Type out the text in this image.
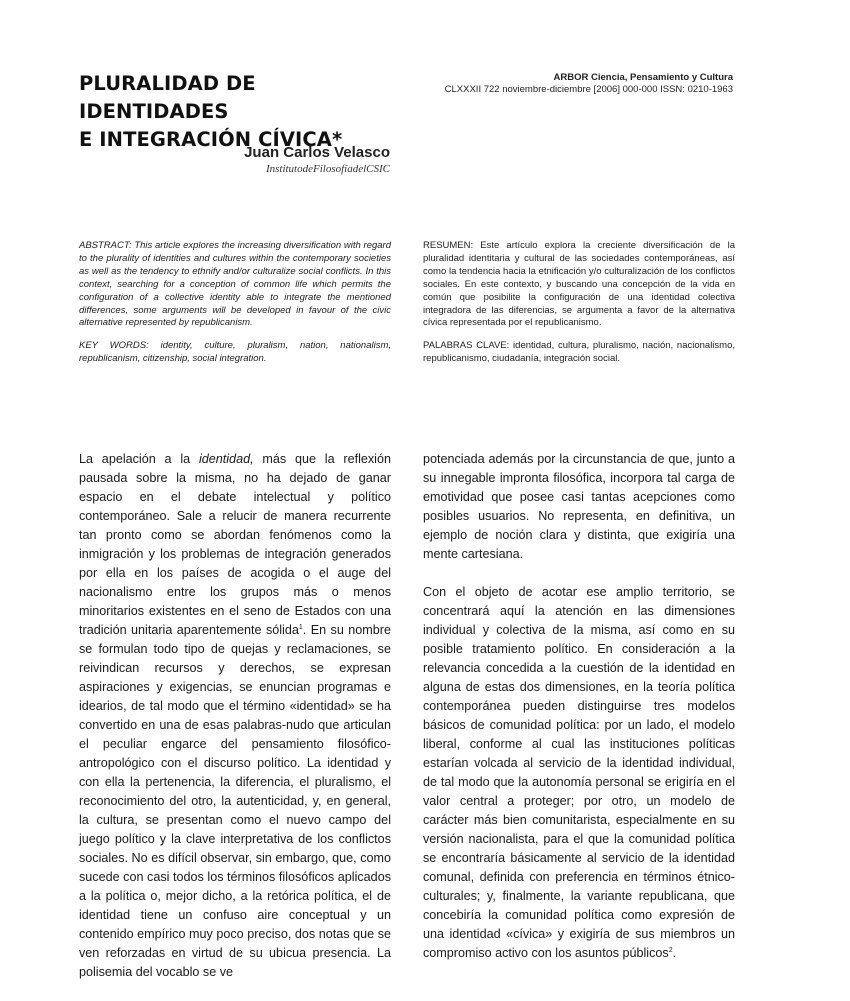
PLURALIDAD DE IDENTIDADES
E INTEGRACIÓN CÍVICA*
ARBOR Ciencia, Pensamiento y Cultura
CLXXXII 722 noviembre-diciembre [2006] 000-000 ISSN: 0210-1963
Juan Carlos Velasco
InstitutodeFilosofíadelCSIC

ABSTRACT: This article explores the increasing diversification with regard to the plurality of identities and cultures within the contemporary societies as well as the tendency to ethnify and/or culturalize social conflicts. In this context, searching for a conception of common life which permits the configuration of a collective identity able to integrate the mentioned differences, some arguments will be developed in favour of the civic alternative represented by republicanism.

KEY WORDS: identity, culture, pluralism, nation, nationalism, republicanism, citizenship, social integration.

RESUMEN: Este artículo explora la creciente diversificación de la pluralidad identitaria y cultural de las sociedades contemporáneas, así como la tendencia hacia la etnificación y/o culturalización de los conflictos sociales. En este contexto, y buscando una concepción de la vida en común que posibilite la configuración de una identidad colectiva integradora de las diferencias, se argumenta a favor de la alternativa cívica representada por el republicanismo.

PALABRAS CLAVE: identidad, cultura, pluralismo, nación, nacionalismo, republicanismo, ciudadanía, integración social.

La apelación a la identidad, más que la reflexión pausada sobre la misma, no ha dejado de ganar espacio en el debate intelectual y político contemporáneo. Sale a relucir de manera recurrente tan pronto como se abordan fenómenos como la inmigración y los problemas de integración generados por ella en los países de acogida o el auge del nacionalismo entre los grupos más o menos minoritarios existentes en el seno de Estados con una tradición unitaria aparentemente sólida$^1$. En su nombre se formulan todo tipo de quejas y reclamaciones, se reivindican recursos y derechos, se expresan aspiraciones y exigencias, se enuncian programas e idearios, de tal modo que el término «identidad» se ha convertido en una de esas palabras-nudo que articulan el peculiar engarce del pensamiento filosófico-antropológico con el discurso político. La identidad y con ella la pertenencia, la diferencia, el pluralismo, el reconocimiento del otro, la autenticidad, y, en general, la cultura, se presentan como el nuevo campo del juego político y la clave interpretativa de los conflictos sociales. No es difícil observar, sin embargo, que, como sucede con casi todos los términos filosóficos aplicados a la política o, mejor dicho, a la retórica política, el de identidad tiene un confuso aire conceptual y un contenido empírico muy poco preciso, dos notas que se ven reforzadas en virtud de su ubicua presencia. La polisemia del vocablo se ve

potenciada además por la circunstancia de que, junto a su innegable impronta filosófica, incorpora tal carga de emotividad que posee casi tantas acepciones como posibles usuarios. No representa, en definitiva, un ejemplo de noción clara y distinta, que exigiría una mente cartesiana.

Con el objeto de acotar ese amplio territorio, se concentrará aquí la atención en las dimensiones individual y colectiva de la misma, así como en su posible tratamiento político. En consideración a la relevancia concedida a la cuestión de la identidad en alguna de estas dos dimensiones, en la teoría política contemporánea pueden distinguirse tres modelos básicos de comunidad política: por un lado, el modelo liberal, conforme al cual las instituciones políticas estarían volcada al servicio de la identidad individual, de tal modo que la autonomía personal se erigiría en el valor central a proteger; por otro, un modelo de carácter más bien comunitarista, especialmente en su versión nacionalista, para el que la comunidad política se encontraría básicamente al servicio de la identidad comunal, definida con preferencia en términos étnico-culturales; y, finalmente, la variante republicana, que concebiría la comunidad política como expresión de una identidad «cívica» y exigiría de sus miembros un compromiso activo con los asuntos públicos$^2$.
